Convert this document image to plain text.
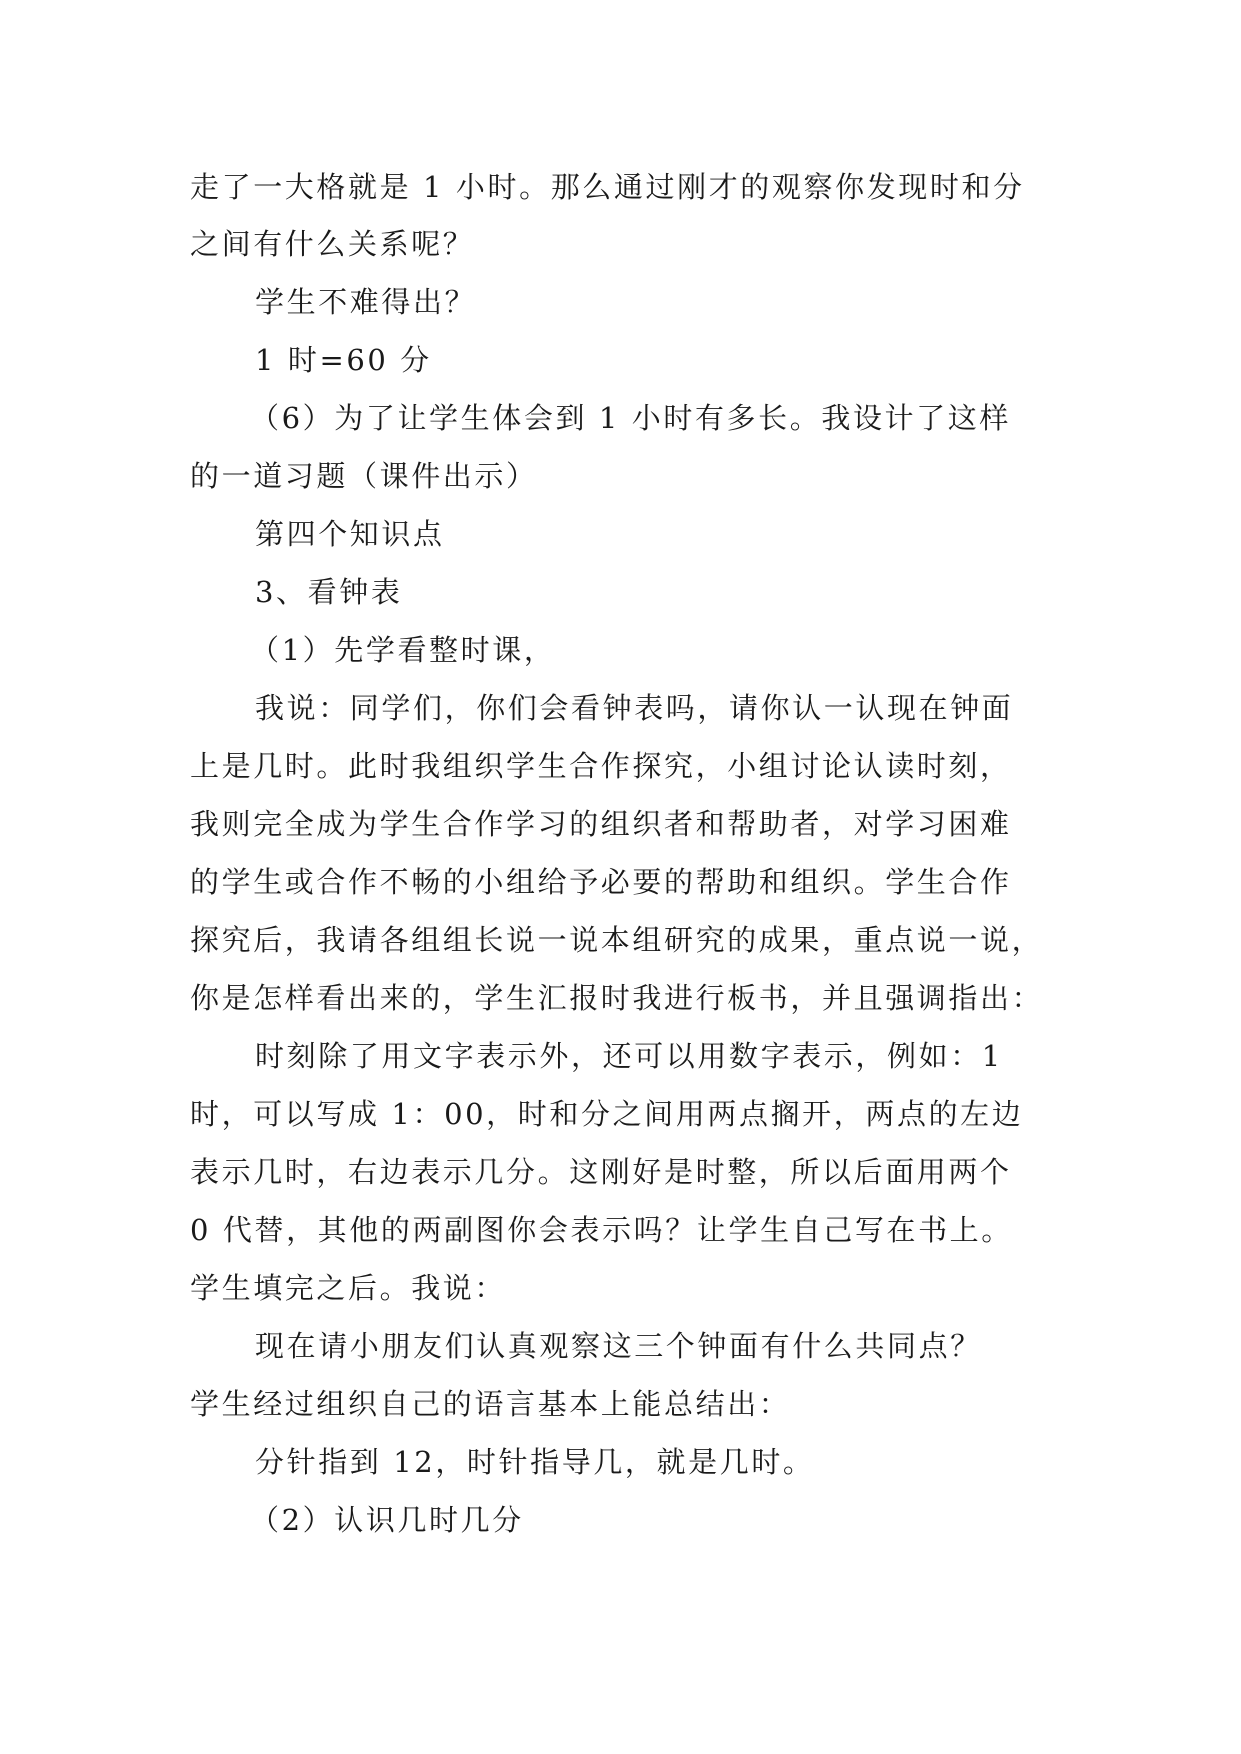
走了一大格就是 1 小时。那么通过刚才的观察你发现时和分
之间有什么关系呢？
学生不难得出？
1 时=60 分
（6）为了让学生体会到 1 小时有多长。我设计了这样
的一道习题（课件出示）
第四个知识点
3、看钟表
（1）先学看整时课，
我说：同学们，你们会看钟表吗，请你认一认现在钟面
上是几时。此时我组织学生合作探究，小组讨论认读时刻，
我则完全成为学生合作学习的组织者和帮助者，对学习困难
的学生或合作不畅的小组给予必要的帮助和组织。学生合作
探究后，我请各组组长说一说本组研究的成果，重点说一说，
你是怎样看出来的，学生汇报时我进行板书，并且强调指出：
时刻除了用文字表示外，还可以用数字表示，例如：1
时，可以写成 1：00，时和分之间用两点搁开，两点的左边
表示几时，右边表示几分。这刚好是时整，所以后面用两个
0 代替，其他的两副图你会表示吗？让学生自己写在书上。
学生填完之后。我说：
现在请小朋友们认真观察这三个钟面有什么共同点？
学生经过组织自己的语言基本上能总结出：
分针指到 12，时针指导几，就是几时。
（2）认识几时几分
